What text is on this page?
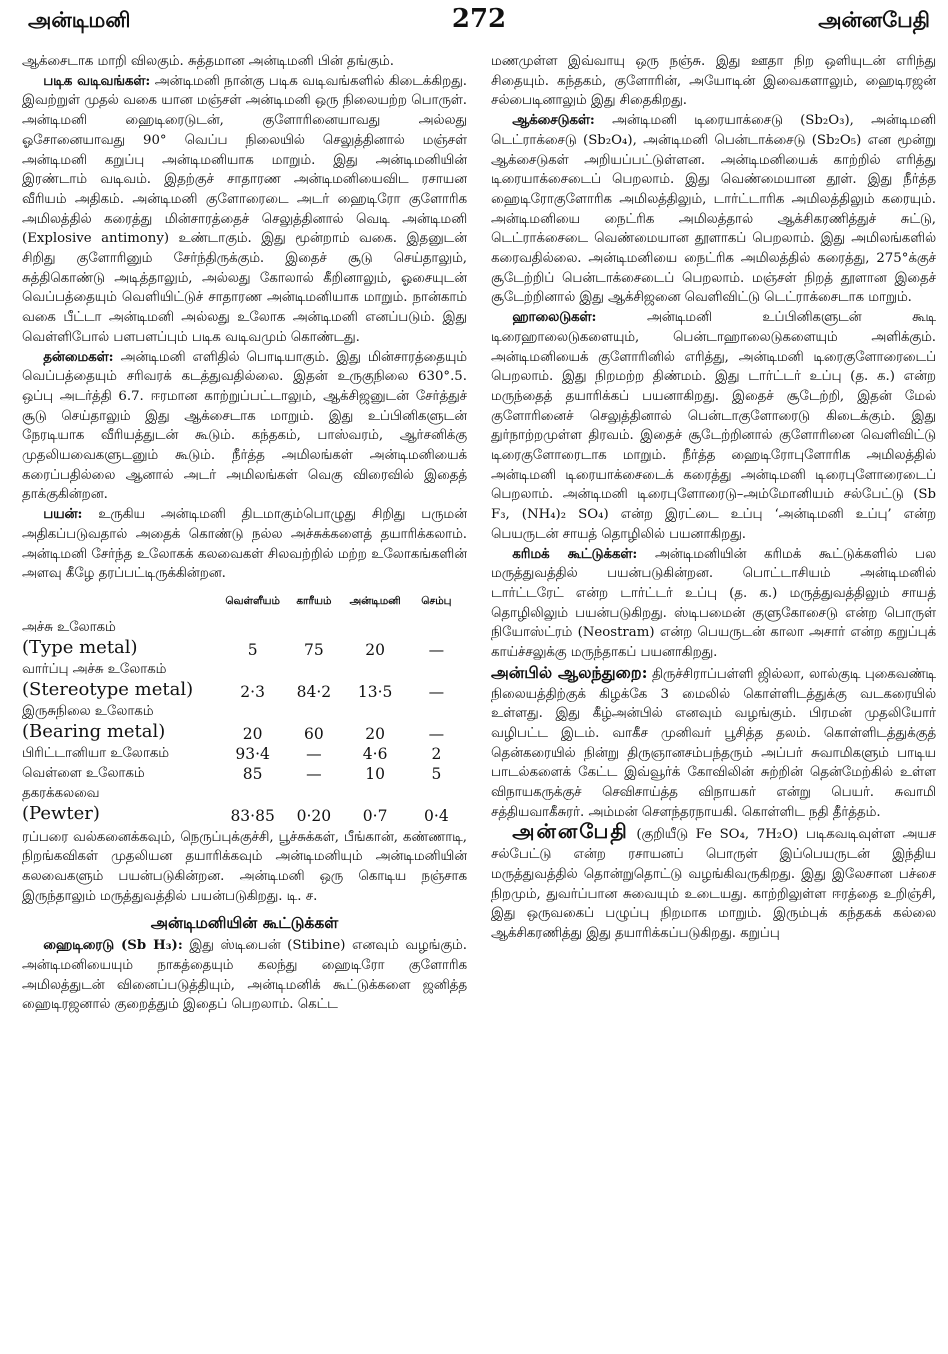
அன்டிமனி	272	அன்னபேதி

ஆக்சைடாக மாறி விலகும். சுத்தமான அன்டிமனி பின் தங்கும்.

படிக வடிவங்கள்: அன்டிமனி நான்கு படிக வடிவங்களில் கிடைக்கிறது. இவற்றுள் முதல் வகை யான மஞ்சள் அன்டிமனி ஒரு நிலையற்ற பொருள். அன்டிமனி ஹைடிரைடுடன், குளோரினையாவது அல்லது ஓசோனையாவது 90° வெப்ப நிலையில் செலுத்தினால் மஞ்சள் அன்டிமனி கறுப்பு அன்டிமனியாக மாறும். இது அன்டிமனியின் இரண்டாம் வடிவம். இதற்குச் சாதாரண அன்டிமனியைவிட ரசாயன வீரியம் அதிகம். அன்டிமனி குளோரைடை அடர் ஹைடிரோ குளோரிக அமிலத்தில் கரைத்து மின்சாரத்தைச் செலுத்தினால் வெடி அன்டிமனி (Explosive antimony) உண்டாகும். இது மூன்றாம் வகை. இதனுடன் சிறிது குளோரினும் சேர்ந்திருக்கும். இதைச் சூடு செய்தாலும், சுத்திகொண்டு அடித்தாலும், அல்லது கோலால் கீறினாலும், ஓசையுடன் வெப்பத்தையும் வெளியிட்டுச் சாதாரண அன்டிமனியாக மாறும். நான்காம் வகை பீட்டா அன்டிமனி அல்லது உலோக அன்டிமனி எனப்படும். இது வெள்ளிபோல் பளபளப்பும் படிக வடிவமும் கொண்டது.

தன்மைகள்: அன்டிமனி எளிதில் பொடியாகும். இது மின்சாரத்தையும் வெப்பத்தையும் சரிவரக் கடத்துவதில்லை. இதன் உருகுநிலை 630°.5. ஒப்பு அடர்த்தி 6.7. ஈரமான காற்றுப்பட்டாலும், ஆக்சிஜனுடன் சேர்த்துச் சூடு செய்தாலும் இது ஆக்சைடாக மாறும். இது உப்பினிகளுடன் நேரடியாக வீரியத்துடன் கூடும். கந்தகம், பாஸ்வரம், ஆர்சனிக்கு முதலியவைகளுடனும் கூடும். நீர்த்த அமிலங்கள் அன்டிமனியைக் கரைப்பதில்லை ஆனால் அடர் அமிலங்கள் வெகு விரைவில் இதைத் தாக்குகின்றன.

பயன்: உருகிய அன்டிமனி திடமாகும்பொழுது சிறிது பருமன் அதிகப்படுவதால் அதைக் கொண்டு நல்ல அச்சுக்களைத் தயாரிக்கலாம். அன்டிமனி சேர்ந்த உலோகக் கலவைகள் சிலவற்றில் மற்ற உலோகங்களின் அளவு கீழே தரப்பட்டிருக்கின்றன.

வெள்ளீயம்	காரீயம்	அன்டிமனி	செம்பு
அச்சு உலோகம்
(Type metal)	5	75	20	—
வார்ப்பு அச்சு உலோகம்
(Stereotype metal)	2·3	84·2	13·5	—
இருசுநிலை உலோகம்
(Bearing metal)	20	60	20	—
பிரிட்டானியா உலோகம்	93·4	—	4·6	2
வெள்ளை உலோகம்	85	—	10	5
தகரக்கலவை
(Pewter)	83·85	0·20	0·7	0·4

ரப்பரை வல்கனைக்கவும், நெருப்புக்குச்சி, பூச்சுக்கள், பீங்கான், கண்ணாடி, நிறங்கவிகள் முதலியன தயாரிக்கவும் அன்டிமனியும் அன்டிமனியின் கலவைகளும் பயன்படுகின்றன. அன்டிமனி ஒரு கொடிய நஞ்சாக இருந்தாலும் மருத்துவத்தில் பயன்படுகிறது. டி. ச.

அன்டிமனியின் கூட்டுக்கள்

ஹைடிரைடு (Sb H₃): இது ஸ்டிபைன் (Stibine) எனவும் வழங்கும். அன்டிமனியையும் நாகத்தையும் கலந்து ஹைடிரோ குளோரிக அமிலத்துடன் வினைப்படுத்தியும், அன்டிமனிக் கூட்டுக்களை ஜனித்த ஹைடிரஜனால் குறைத்தும் இதைப் பெறலாம். கெட்ட

மணமுள்ள இவ்வாயு ஒரு நஞ்சு. இது ஊதா நிற ஒளியுடன் எரிந்து சிதையும். கந்தகம், குளோரின், அயோடின் இவைகளாலும், ஹைடிரஜன் சல்பைடினாலும் இது சிதைகிறது.

ஆக்சைடுகள்: அன்டிமனி டிரையாக்சைடு (Sb₂O₃), அன்டிமனி டெட்ராக்சைடு (Sb₂O₄), அன்டிமனி பென்டாக்சைடு (Sb₂O₅) என மூன்று ஆக்சைடுகள் அறியப்பட்டுள்ளன. அன்டிமனியைக் காற்றில் எரித்து டிரையாக்சைடைப் பெறலாம். இது வெண்மையான தூள். இது நீர்த்த ஹைடிரோகுளோரிக அமிலத்திலும், டார்ட்டாரிக அமிலத்திலும் கரையும். அன்டிமனியை நைட்ரிக அமிலத்தால் ஆக்சிகரணித்துச் சுட்டு, டெட்ராக்சைடை வெண்மையான தூளாகப் பெறலாம். இது அமிலங்களில் கரைவதில்லை. அன்டிமனியை நைட்ரிக அமிலத்தில் கரைத்து, 275°க்குச் சூடேற்றிப் பென்டாக்சைடைப் பெறலாம். மஞ்சள் நிறத் தூளான இதைச் சூடேற்றினால் இது ஆக்சிஜனை வெளிவிட்டு டெட்ராக்சைடாக மாறும்.

ஹாலைடுகள்:	அன்டிமனி உப்பினிகளுடன் கூடி டிரைஹாலைடுகளையும், பென்டாஹாலைடுகளையும் அளிக்கும். அன்டிமனியைக் குளோரினில் எரித்து, அன்டிமனி டிரைகுளோரைடைப் பெறலாம். இது நிறமற்ற திண்மம். இது டார்ட்டர் உப்பு (த. க.) என்ற மருந்தைத் தயாரிக்கப் பயனாகிறது. இதைச் சூடேற்றி, இதன் மேல் குளோரினைச் செலுத்தினால் பென்டாகுளோரைடு கிடைக்கும். இது துர்நாற்றமுள்ள திரவம். இதைச் சூடேற்றினால் குளோரினை வெளிவிட்டு டிரைகுளோரைடாக மாறும். நீர்த்த ஹைடிரோபுளோரிக அமிலத்தில் அன்டிமனி டிரையாக்சைடைக் கரைத்து அன்டிமனி டிரைபுளோரைடைப் பெறலாம். அன்டிமனி டிரைபுளோரைடு–அம்மோனியம் சல்பேட்டு (Sb F₃, (NH₄)₂ SO₄) என்ற இரட்டை உப்பு ‘அன்டிமனி உப்பு’ என்ற பெயருடன் சாயத் தொழிலில் பயனாகிறது.

கரிமக் கூட்டுக்கள்: அன்டிமனியின் கரிமக் கூட்டுக்களில் பல மருத்துவத்தில் பயன்படுகின்றன. பொட்டாசியம் அன்டிமனில் டார்ட்டரேட் என்ற டார்ட்டர் உப்பு (த. க.) மருத்துவத்திலும் சாயத் தொழிலிலும் பயன்படுகிறது. ஸ்டிபமைன் குளுகோசைடு என்ற பொருள் நியோஸ்ட்ரம் (Neostram) என்ற பெயருடன் காலா அசார் என்ற கறுப்புக் காய்ச்சலுக்கு மருந்தாகப் பயனாகிறது.

அன்பில் ஆலந்துறை: திருச்சிராப்பள்ளி ஜில்லா, லால்குடி புகைவண்டி நிலையத்திற்குக் கிழக்கே 3 மைலில் கொள்ளிடத்துக்கு வடகரையில் உள்ளது. இது கீழ்அன்பில் எனவும் வழங்கும். பிரமன் முதலியோர் வழிபட்ட இடம். வாகீச முனிவர் பூசித்த தலம். கொள்ளிடத்துக்குத் தென்கரையில் நின்று திருஞானசம்பந்தரும் அப்பர் சுவாமிகளும் பாடிய பாடல்களைக் கேட்ட இவ்வூர்க் கோவிலின் சுற்றின் தென்மேற்கில் உள்ள விநாயகருக்குச் செவிசாய்த்த விநாயகர் என்று பெயர். சுவாமி சத்தியவாகீசுரர். அம்மன் சௌந்தரநாயகி. கொள்ளிட நதி தீர்த்தம்.

அன்னபேதி (குறியீடு Fe SO₄, 7H₂O) படிகவடிவுள்ள அயச சல்பேட்டு என்ற ரசாயனப் பொருள் இப்பெயருடன் இந்திய மருத்துவத்தில் தொன்றுதொட்டு வழங்கிவருகிறது. இது இலேசான பச்சை நிறமும், துவர்ப்பான சுவையும் உடையது. காற்றிலுள்ள ஈரத்தை உறிஞ்சி, இது ஒருவகைப் பழுப்பு நிறமாக மாறும். இரும்புக் கந்தகக் கல்லை ஆக்சிகரணித்து இது தயாரிக்கப்படுகிறது. கறுப்பு
